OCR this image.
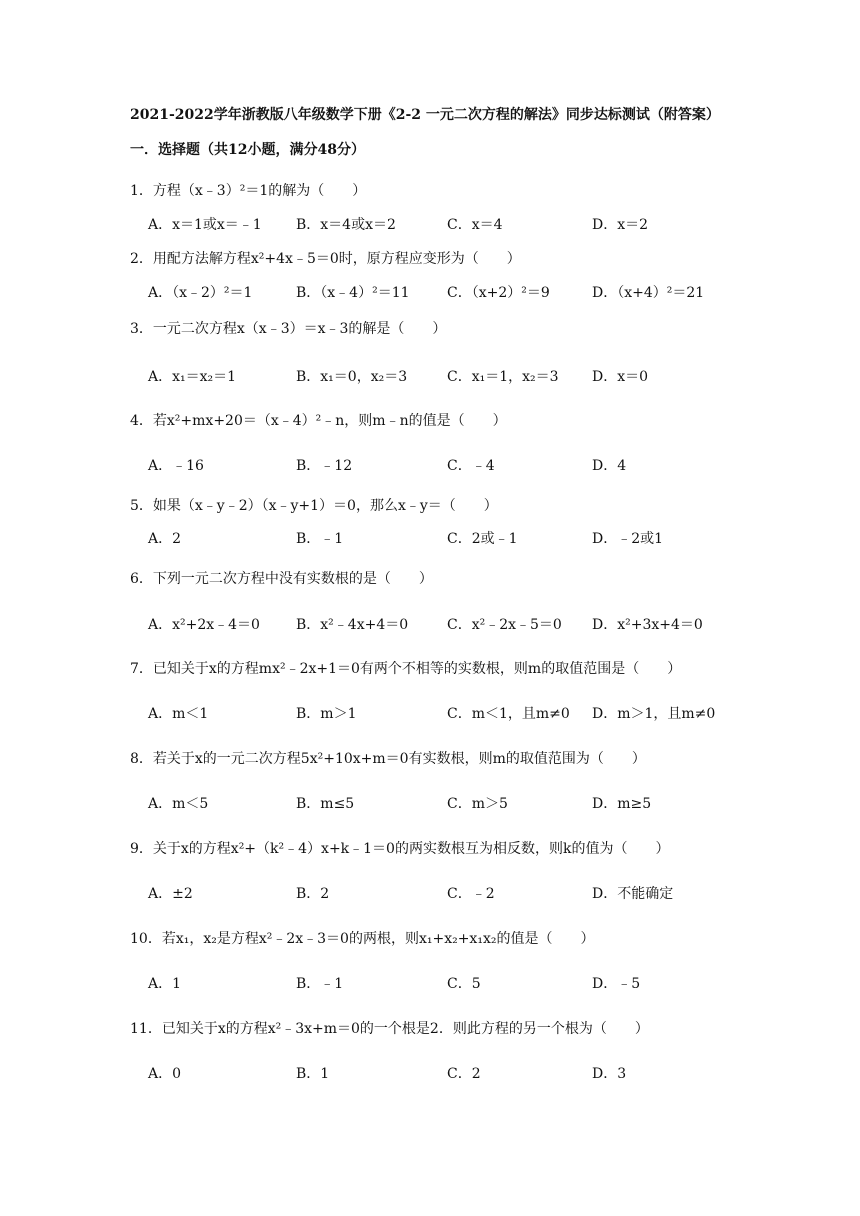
2021-2022学年浙教版八年级数学下册《2-2 一元二次方程的解法》同步达标测试（附答案）
一．选择题（共12小题，满分48分）
1．方程（x﹣3）²＝1的解为（　　）
A．x＝1或x＝﹣1 B．x＝4或x＝2	C．x＝4	D．x＝2
2．用配方法解方程x²+4x﹣5＝0时，原方程应变形为（　　）
A．（x﹣2）²＝1	B．（x﹣4）²＝11	C．（x+2）²＝9	D．（x+4）²＝21
3．一元二次方程x（x﹣3）＝x﹣3的解是（　　）
A．x₁＝x₂＝1	B．x₁＝0，x₂＝3	C．x₁＝1，x₂＝3 D．x＝0
4．若x²+mx+20＝（x﹣4）²﹣n，则m﹣n的值是（　　）
A．﹣16	B．﹣12	C．﹣4	D．4
5．如果（x﹣y﹣2）（x﹣y+1）＝0，那么x﹣y＝（　　）
A．2	B．﹣1	C．2或﹣1	D．﹣2或1
6．下列一元二次方程中没有实数根的是（　　）
A．x²+2x﹣4＝0	B．x²﹣4x+4＝0	C．x²﹣2x﹣5＝0 D．x²+3x+4＝0
7．已知关于x的方程mx²﹣2x+1＝0有两个不相等的实数根，则m的取值范围是（　　）
A．m＜1	B．m＞1	C．m＜1，且m≠0 D．m＞1，且m≠0
8．若关于x的一元二次方程5x²+10x+m＝0有实数根，则m的取值范围为（　　）
A．m＜5	B．m≤5	C．m＞5	D．m≥5
9．关于x的方程x²+（k²﹣4）x+k﹣1＝0的两实数根互为相反数，则k的值为（　　）
A．±2	B．2	C．﹣2	D．不能确定
10．若x₁，x₂是方程x²﹣2x﹣3＝0的两根，则x₁+x₂+x₁x₂的值是（　　）
A．1	B．﹣1	C．5	D．﹣5
11．已知关于x的方程x²﹣3x+m＝0的一个根是2．则此方程的另一个根为（　　）
A．0	B．1	C．2	D．3
